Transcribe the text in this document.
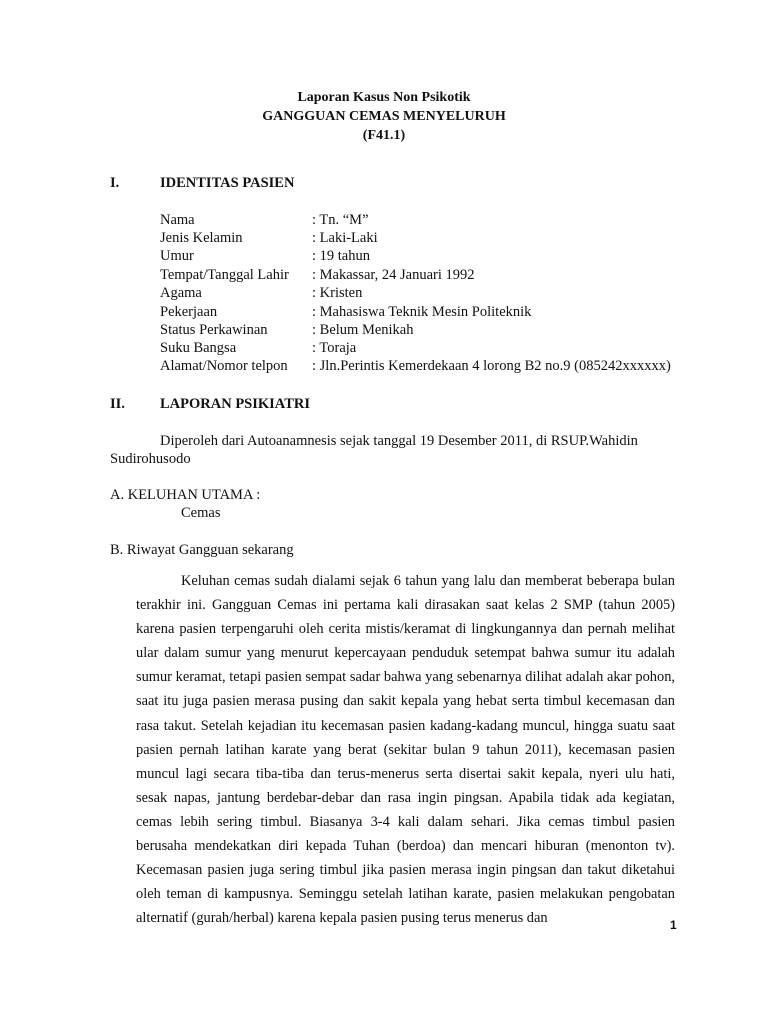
Laporan Kasus Non Psikotik
GANGGUAN CEMAS MENYELURUH
(F41.1)
I.	IDENTITAS PASIEN
Nama	: Tn. “M”
Jenis Kelamin	: Laki-Laki
Umur	: 19 tahun
Tempat/Tanggal Lahir : Makassar, 24 Januari 1992
Agama	: Kristen
Pekerjaan	: Mahasiswa Teknik Mesin Politeknik
Status Perkawinan	: Belum Menikah
Suku Bangsa	: Toraja
Alamat/Nomor telpon : Jln.Perintis Kemerdekaan 4 lorong B2 no.9 (085242xxxxxx)
II. LAPORAN PSIKIATRI
Diperoleh dari Autoanamnesis sejak tanggal 19 Desember 2011, di RSUP.Wahidin
Sudirohusodo
A. KELUHAN UTAMA :
Cemas
B. Riwayat Gangguan sekarang
Keluhan cemas sudah dialami sejak 6 tahun yang lalu dan memberat beberapa bulan terakhir ini. Gangguan Cemas ini pertama kali dirasakan saat kelas 2 SMP (tahun 2005) karena pasien terpengaruhi oleh cerita mistis/keramat di lingkungannya dan pernah melihat ular dalam sumur yang menurut kepercayaan penduduk setempat bahwa sumur itu adalah sumur keramat, tetapi pasien sempat sadar bahwa yang sebenarnya dilihat adalah akar pohon, saat itu juga pasien merasa pusing dan sakit kepala yang hebat serta timbul kecemasan dan rasa takut. Setelah kejadian itu kecemasan pasien kadang-kadang muncul, hingga suatu saat pasien pernah latihan karate yang berat (sekitar bulan 9 tahun 2011), kecemasan pasien muncul lagi secara tiba-tiba dan terus-menerus serta disertai sakit kepala, nyeri ulu hati, sesak napas, jantung berdebar-debar dan rasa ingin pingsan. Apabila tidak ada kegiatan, cemas lebih sering timbul. Biasanya 3-4 kali dalam sehari. Jika cemas timbul pasien berusaha mendekatkan diri kepada Tuhan (berdoa) dan mencari hiburan (menonton tv). Kecemasan pasien juga sering timbul jika pasien merasa ingin pingsan dan takut diketahui oleh teman di kampusnya. Seminggu setelah latihan karate, pasien melakukan pengobatan alternatif (gurah/herbal) karena kepala pasien pusing terus menerus dan	1
